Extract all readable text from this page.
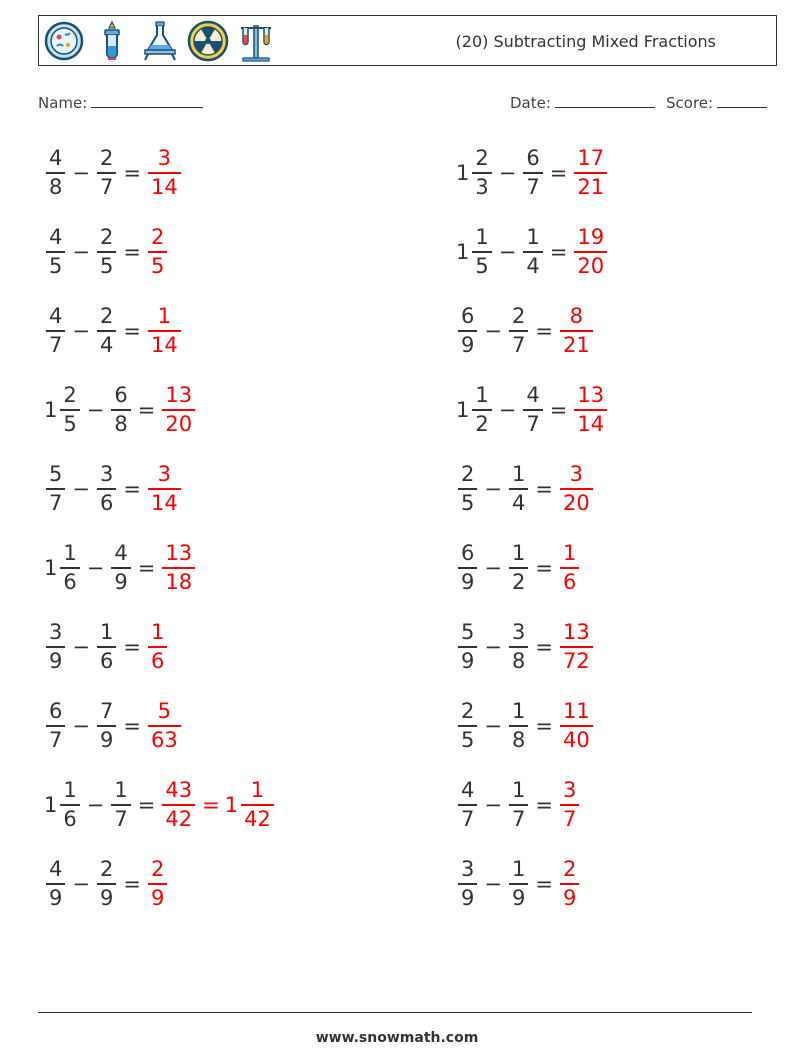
(20) Subtracting Mixed Fractions
Name:	Date:	Score:
$\frac{4}{8} - \frac{2}{7} = \frac{3}{14}$	$1 \frac{2}{3} - \frac{6}{7} = \frac{17}{21}$
$\frac{4}{5} - \frac{2}{5} = \frac{2}{5}$	$1 \frac{1}{5} - \frac{1}{4} = \frac{19}{20}$
$\frac{4}{7} - \frac{2}{4} = \frac{1}{14}$	$\frac{6}{9} - \frac{2}{7} = \frac{8}{21}$
$1 \frac{2}{5} - \frac{6}{8} = \frac{13}{20}$	$1 \frac{1}{2} - \frac{4}{7} = \frac{13}{14}$
$\frac{5}{7} - \frac{3}{6} = \frac{3}{14}$	$\frac{2}{5} - \frac{1}{4} = \frac{3}{20}$
$1 \frac{1}{6} - \frac{4}{9} = \frac{13}{18}$	$\frac{6}{9} - \frac{1}{2} = \frac{1}{6}$
$\frac{3}{9} - \frac{1}{6} = \frac{1}{6}$	$\frac{5}{9} - \frac{3}{8} = \frac{13}{72}$
$\frac{6}{7} - \frac{7}{9} = \frac{5}{63}$	$\frac{2}{5} - \frac{1}{8} = \frac{11}{40}$
$1 \frac{1}{6} - \frac{1}{7} = \frac{43}{42} = 1 \frac{1}{42}$	$\frac{4}{7} - \frac{1}{7} = \frac{3}{7}$
$\frac{4}{9} - \frac{2}{9} = \frac{2}{9}$	$\frac{3}{9} - \frac{1}{9} = \frac{2}{9}$
www.snowmath.com
